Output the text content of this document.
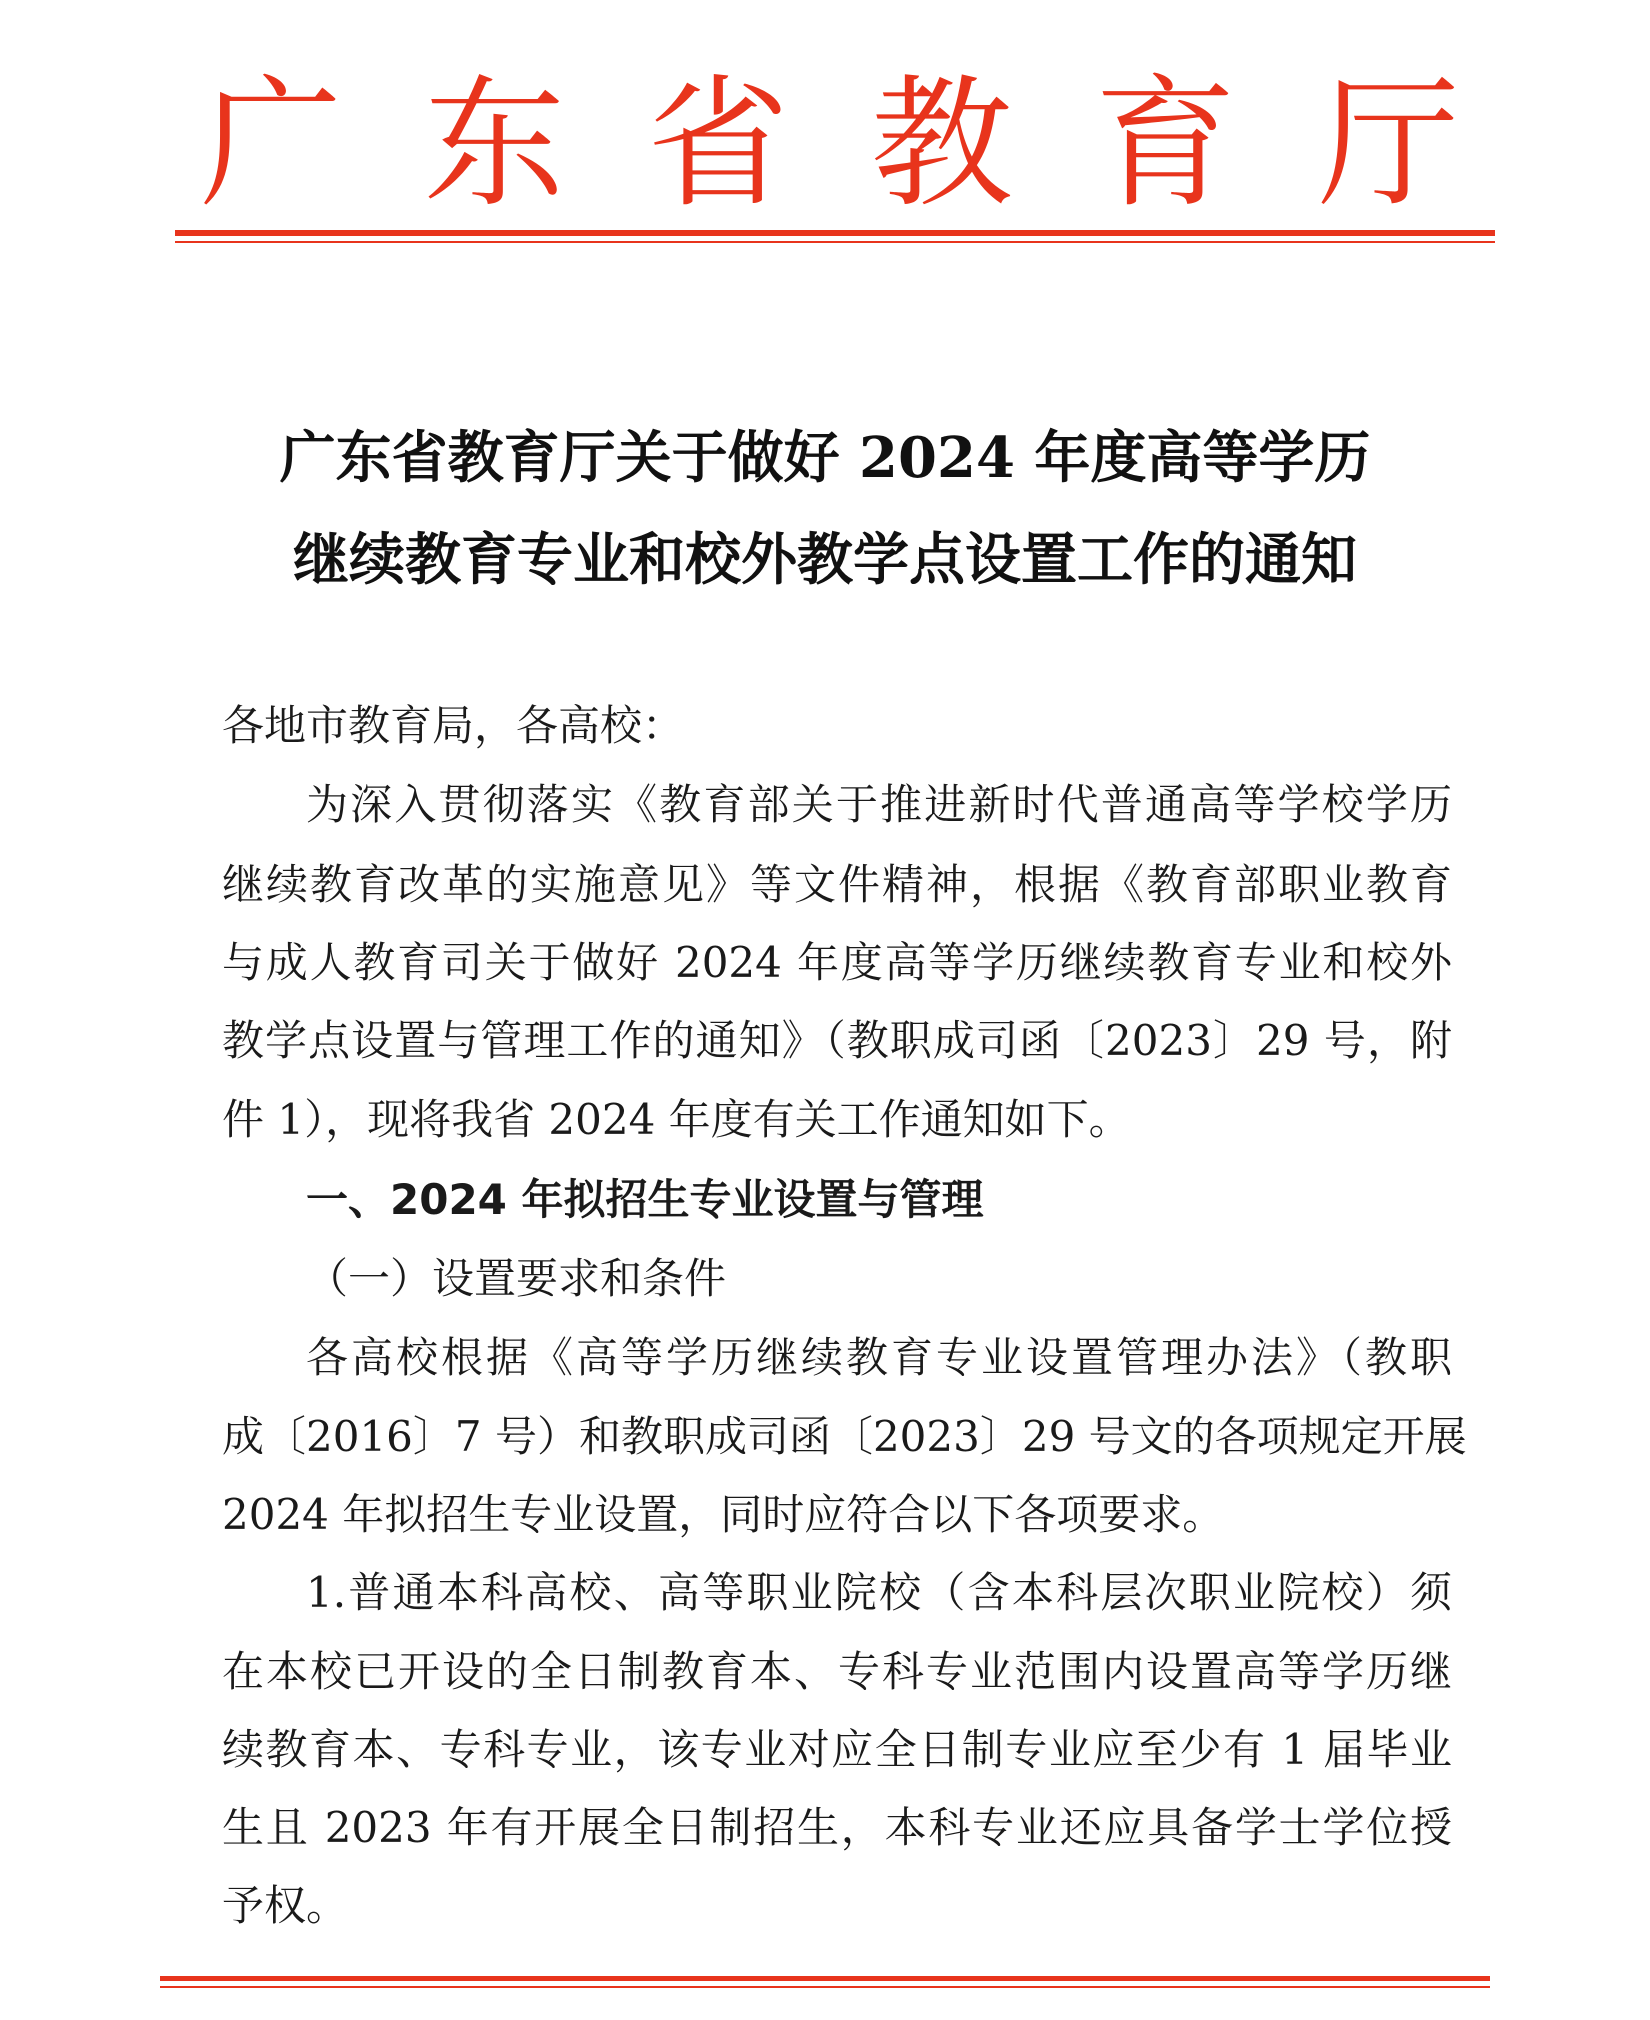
广 东 省 教 育 厅
广东省教育厅关于做好 2024 年度高等学历
继续教育专业和校外教学点设置工作的通知
各地市教育局，各高校：
为深入贯彻落实《教育部关于推进新时代普通高等学校学历
继续教育改革的实施意见》等文件精神，根据《教育部职业教育
与成人教育司关于做好 2024 年度高等学历继续教育专业和校外
教学点设置与管理工作的通知》（教职成司函〔2023〕29 号，附
件 1），现将我省 2024 年度有关工作通知如下。
一、2024 年拟招生专业设置与管理
（一）设置要求和条件
各高校根据《高等学历继续教育专业设置管理办法》（教职
成〔2016〕7 号）和教职成司函〔2023〕29 号文的各项规定开展
2024 年拟招生专业设置，同时应符合以下各项要求。
1.普通本科高校、高等职业院校（含本科层次职业院校）须
在本校已开设的全日制教育本、专科专业范围内设置高等学历继
续教育本、专科专业，该专业对应全日制专业应至少有 1 届毕业
生且 2023 年有开展全日制招生，本科专业还应具备学士学位授
予权。
